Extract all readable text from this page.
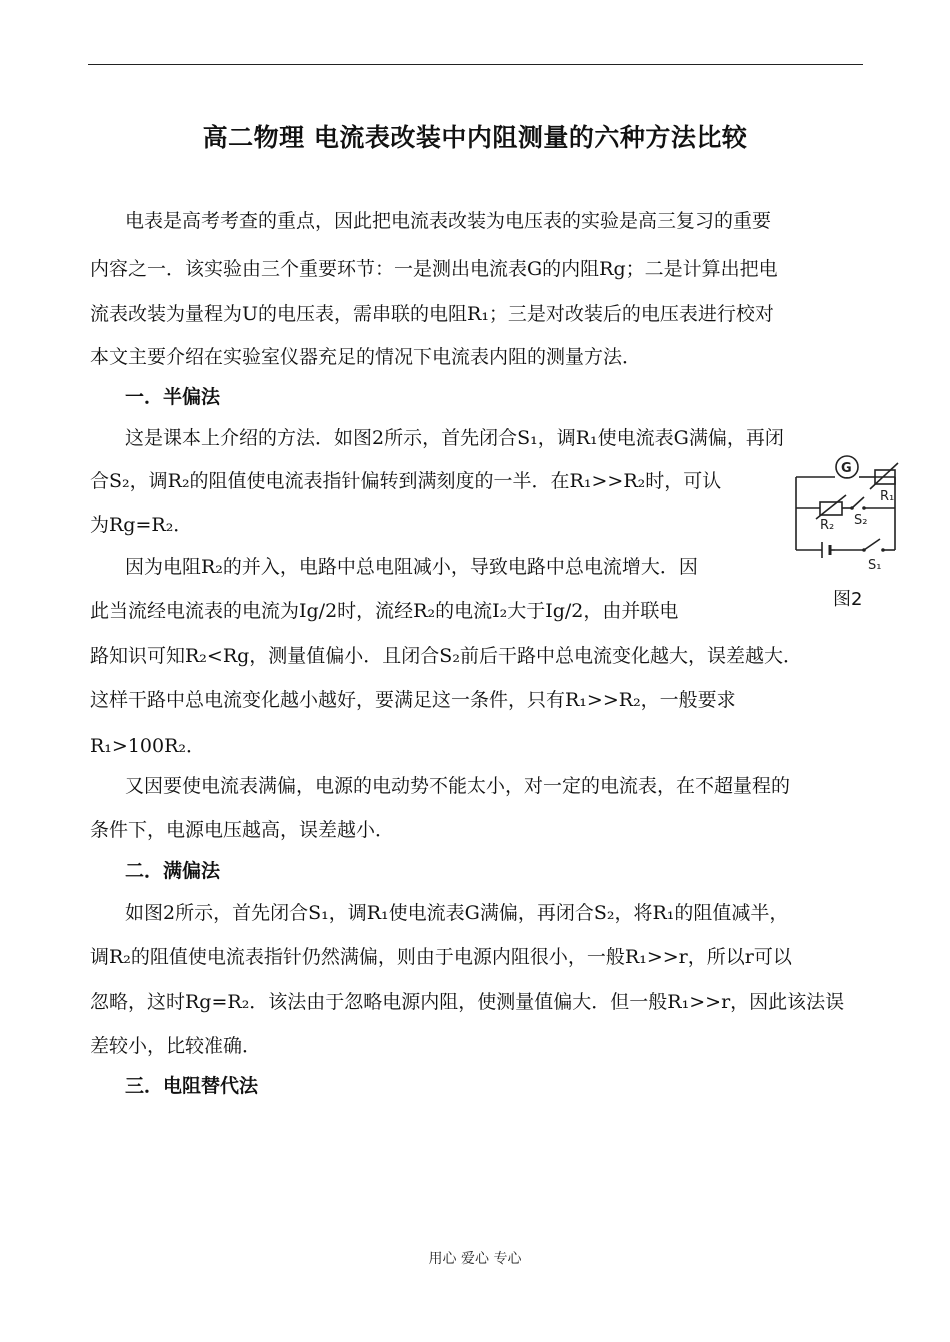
高二物理 电流表改装中内阻测量的六种方法比较
电表是高考考查的重点，因此把电流表改装为电压表的实验是高三复习的重要
内容之一．该实验由三个重要环节：一是测出电流表G的内阻Rg；二是计算出把电
流表改装为量程为U的电压表，需串联的电阻R₁；三是对改装后的电压表进行校对
本文主要介绍在实验室仪器充足的情况下电流表内阻的测量方法．
一．半偏法
这是课本上介绍的方法．如图2所示，首先闭合S₁，调R₁使电流表G满偏，再闭
合S₂，调R₂的阻值使电流表指针偏转到满刻度的一半．在R₁>>R₂时，可认
为Rg=R₂．
因为电阻R₂的并入，电路中总电阻减小，导致电路中总电流增大．因
此当流经电流表的电流为Ig/2时，流经R₂的电流I₂大于Ig/2，由并联电
路知识可知R₂<Rg，测量值偏小．且闭合S₂前后干路中总电流变化越大，误差越大．
这样干路中总电流变化越小越好，要满足这一条件，只有R₁>>R₂，一般要求
R₁>100R₂．
又因要使电流表满偏，电源的电动势不能太小，对一定的电流表，在不超量程的
条件下，电源电压越高，误差越小．
二．满偏法
如图2所示，首先闭合S₁，调R₁使电流表G满偏，再闭合S₂，将R₁的阻值减半，
调R₂的阻值使电流表指针仍然满偏，则由于电源内阻很小，一般R₁>>r，所以r可以
忽略，这时Rg=R₂．该法由于忽略电源内阻，使测量值偏大．但一般R₁>>r，因此该法误
差较小，比较准确．
三．电阻替代法
G
R₁
R₂ S₂
S₁
图2
用心 爱心 专心
